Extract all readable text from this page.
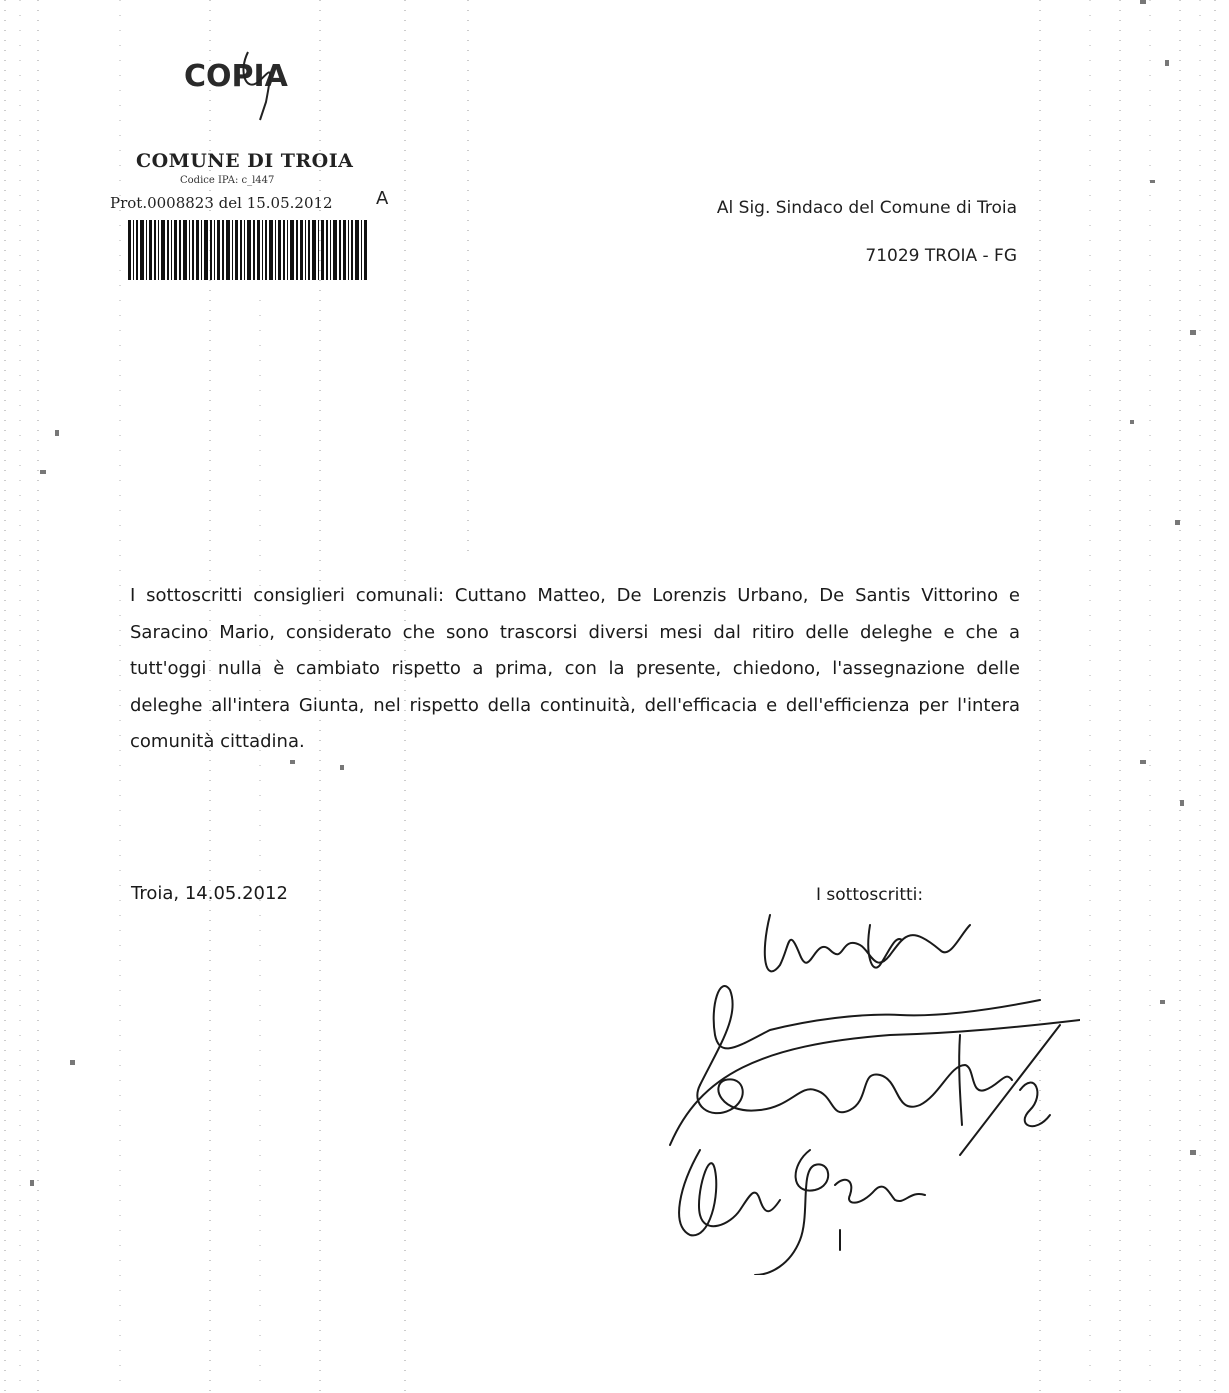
COPIA
COMUNE DI TROIA
Codice IPA: c_l447
Prot.0008823 del 15.05.2012 A	Al Sig. Sindaco del Comune di Troia
71029 TROIA - FG

I sottoscritti consiglieri comunali: Cuttano Matteo, De Lorenzis Urbano, De Santis Vittorino e Saracino Mario, considerato che sono trascorsi diversi mesi dal ritiro delle deleghe e che a tutt'oggi nulla è cambiato rispetto a prima, con la presente, chiedono, l'assegnazione delle deleghe all'intera Giunta, nel rispetto della continuità, dell'efficacia e dell'efficienza per l'intera comunità cittadina.

Troia, 14.05.2012	I sottoscritti:
